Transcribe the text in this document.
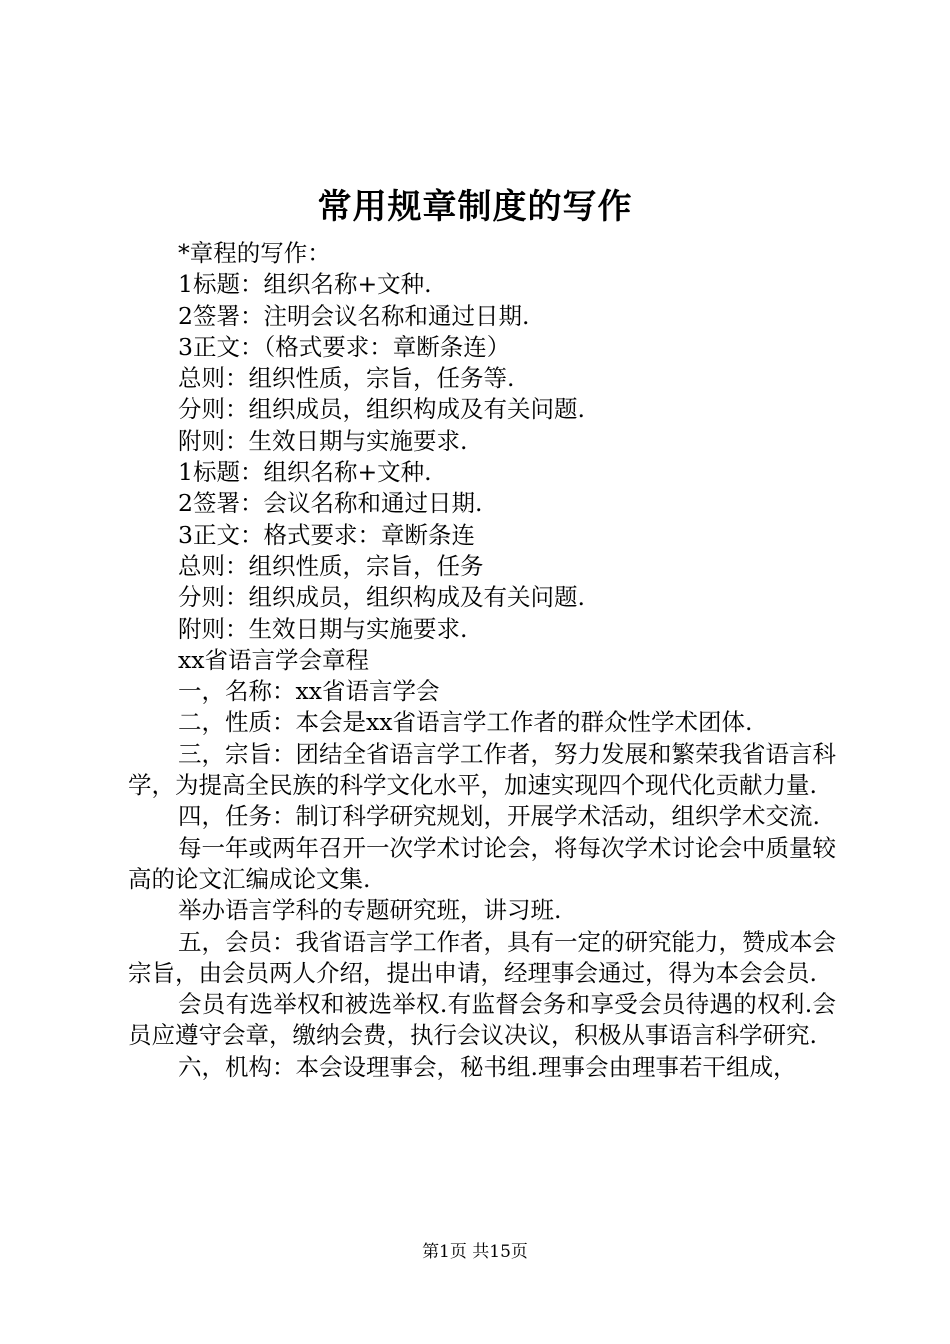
常用规章制度的写作

*章程的写作：

1标题：组织名称+文种.

2签署：注明会议名称和通过日期.

3正文：（格式要求：章断条连）

总则：组织性质，宗旨，任务等.

分则：组织成员，组织构成及有关问题.

附则：生效日期与实施要求.

1标题：组织名称+文种.

2签署：会议名称和通过日期.

3正文：格式要求：章断条连

总则：组织性质，宗旨，任务

分则：组织成员，组织构成及有关问题.

附则：生效日期与实施要求.

xx省语言学会章程

一，名称：xx省语言学会

二，性质：本会是xx省语言学工作者的群众性学术团体.

三，宗旨：团结全省语言学工作者，努力发展和繁荣我省语言科学，为提高全民族的科学文化水平，加速实现四个现代化贡献力量.

四，任务：制订科学研究规划，开展学术活动，组织学术交流.

每一年或两年召开一次学术讨论会，将每次学术讨论会中质量较高的论文汇编成论文集.

举办语言学科的专题研究班，讲习班.

五，会员：我省语言学工作者，具有一定的研究能力，赞成本会宗旨，由会员两人介绍，提出申请，经理事会通过，得为本会会员.

会员有选举权和被选举权.有监督会务和享受会员待遇的权利.会员应遵守会章，缴纳会费，执行会议决议，积极从事语言科学研究.

六，机构：本会设理事会，秘书组.理事会由理事若干组成，

第1页 共15页
